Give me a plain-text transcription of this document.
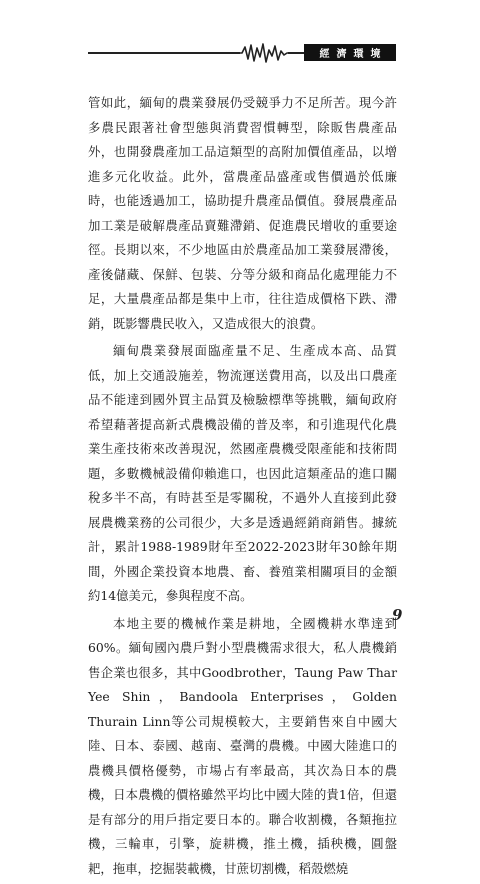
經濟環境

管如此，緬甸的農業發展仍受競爭力不足所苦。現今許多農民跟著社會型態與消費習慣轉型，除販售農產品外，也開發農產加工品這類型的高附加價值產品，以增進多元化收益。此外，當農產品盛產或售價過於低廉時，也能透過加工，協助提升農產品價值。發展農產品加工業是破解農產品賣難滯銷、促進農民增收的重要途徑。長期以來，不少地區由於農產品加工業發展滯後，產後儲藏、保鮮、包裝、分等分級和商品化處理能力不足，大量農產品都是集中上市，往往造成價格下跌、滯銷，既影響農民收入，又造成很大的浪費。

緬甸農業發展面臨產量不足、生產成本高、品質低，加上交通設施差，物流運送費用高，以及出口農產品不能達到國外買主品質及檢驗標準等挑戰，緬甸政府希望藉著提高新式農機設備的普及率，和引進現代化農業生產技術來改善現況，然國產農機受限產能和技術問題，多數機械設備仰賴進口，也因此這類產品的進口關稅多半不高，有時甚至是零關稅，不過外人直接到此發展農機業務的公司很少，大多是透過經銷商銷售。據統計，累計1988-1989財年至2022-2023財年30餘年期間，外國企業投資本地農、畜、養殖業相關項目的金額約14億美元，參與程度不高。

本地主要的機械作業是耕地，全國機耕水準達到60%。緬甸國內農戶對小型農機需求很大，私人農機銷售企業也很多，其中Goodbrother，Taung Paw Thar Yee Shin，Bandoola Enterprises，Golden Thurain Linn等公司規模較大，主要銷售來自中國大陸、日本、泰國、越南、臺灣的農機。中國大陸進口的農機具價格優勢，市場占有率最高，其次為日本的農機，日本農機的價格雖然平均比中國大陸的貴1倍，但還是有部分的用戶指定要日本的。聯合收割機，各類拖拉機，三輪車，引擎，旋耕機，推土機，插秧機，圓盤耙，拖車，挖掘裝載機，甘蔗切割機，稻殼燃燒

9
